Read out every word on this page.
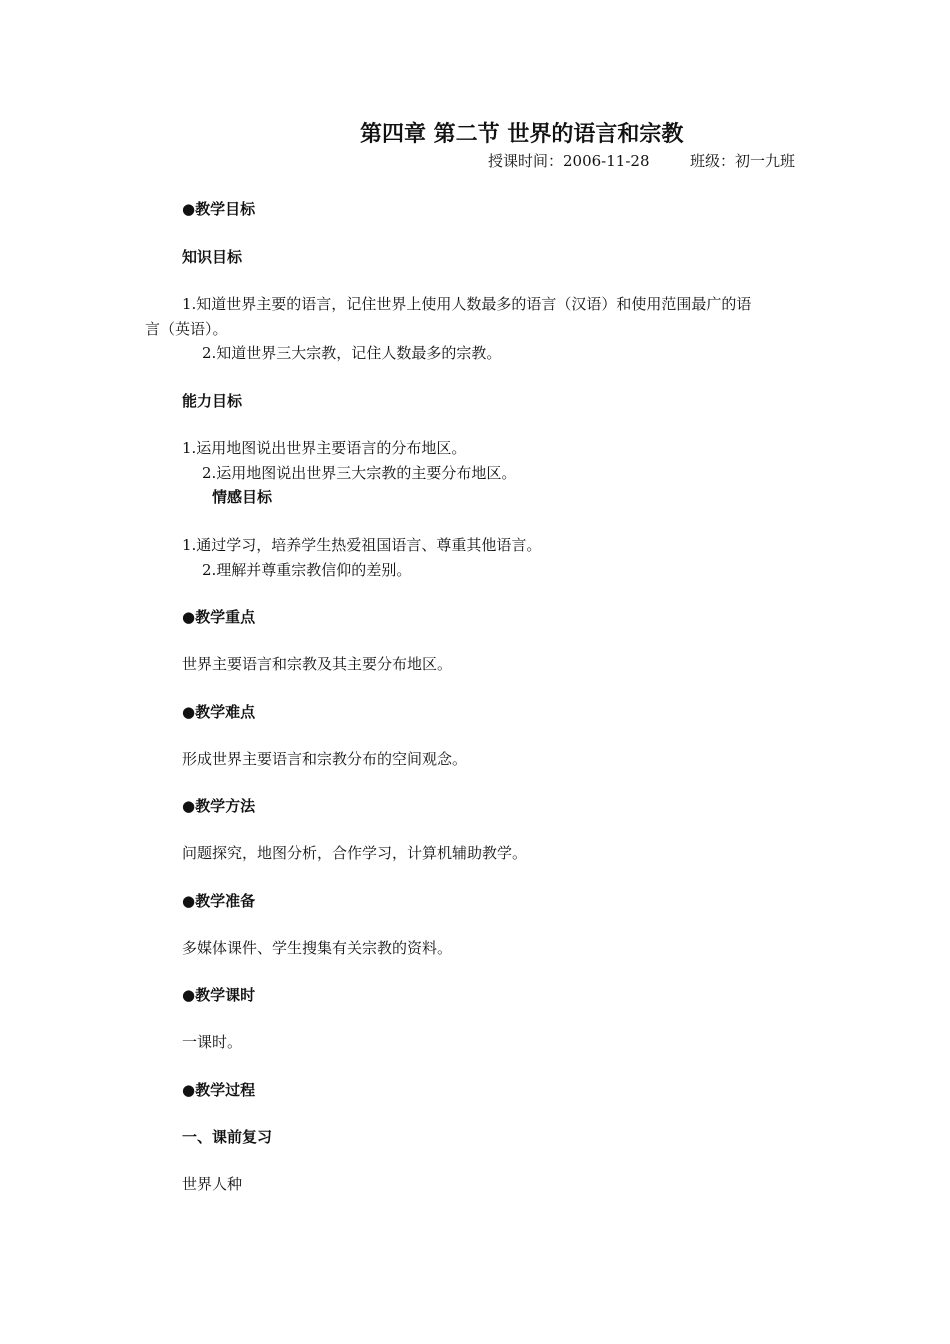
第四章 第二节 世界的语言和宗教
授课时间：2006-11-28	班级：初一九班
●教学目标
知识目标
1.知道世界主要的语言，记住世界上使用人数最多的语言（汉语）和使用范围最广的语
言（英语）。
2.知道世界三大宗教，记住人数最多的宗教。
能力目标
1.运用地图说出世界主要语言的分布地区。
2.运用地图说出世界三大宗教的主要分布地区。
情感目标
1.通过学习，培养学生热爱祖国语言、尊重其他语言。
2.理解并尊重宗教信仰的差别。
●教学重点
世界主要语言和宗教及其主要分布地区。
●教学难点
形成世界主要语言和宗教分布的空间观念。
●教学方法
问题探究，地图分析，合作学习，计算机辅助教学。
●教学准备
多媒体课件、学生搜集有关宗教的资料。
●教学课时
一课时。
●教学过程
一、课前复习
世界人种
